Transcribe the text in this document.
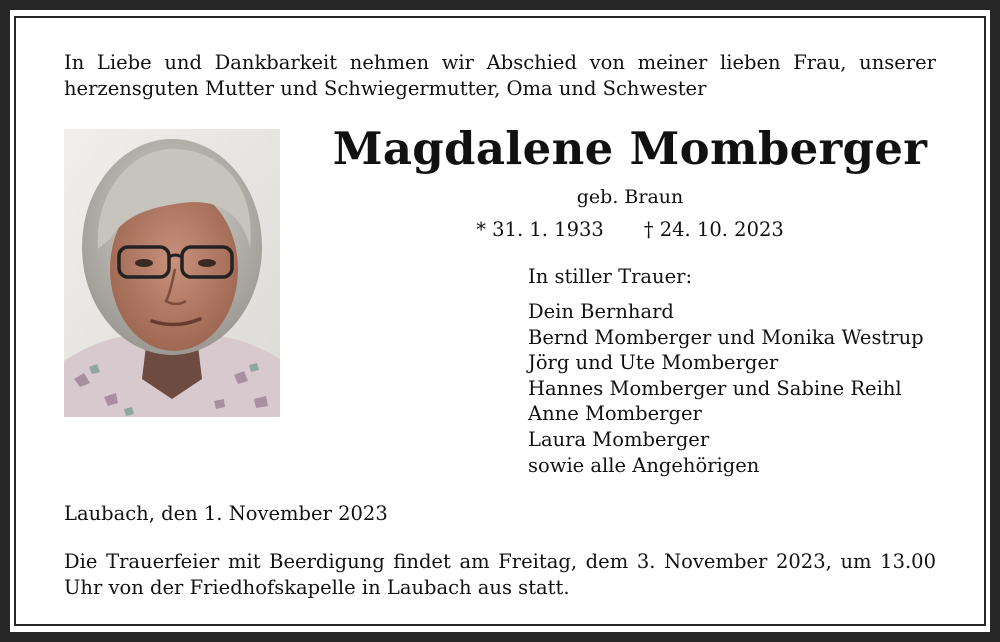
In Liebe und Dankbarkeit nehmen wir Abschied von meiner lieben Frau, unserer herzensguten Mutter und Schwiegermutter, Oma und Schwester
Magdalene Momberger
geb. Braun
* 31. 1. 1933 † 24. 10. 2023
In stiller Trauer:
Dein Bernhard
Bernd Momberger und Monika Westrup
Jörg und Ute Momberger
Hannes Momberger und Sabine Reihl
Anne Momberger
Laura Momberger
sowie alle Angehörigen
Laubach, den 1. November 2023
Die Trauerfeier mit Beerdigung findet am Freitag, dem 3. November 2023, um 13.00 Uhr von der Friedhofskapelle in Laubach aus statt.
